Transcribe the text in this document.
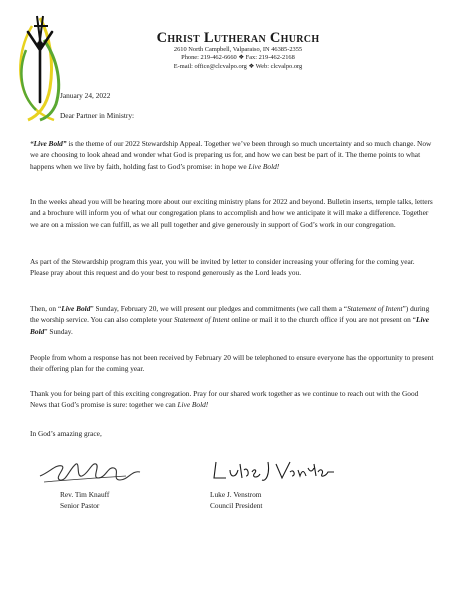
Christ Lutheran Church
2610 North Campbell, Valparaiso, IN 46385-2355
Phone: 219-462-6660 ❖ Fax: 219-462-2168
E-mail: office@clcvalpo.org ❖ Web: clcvalpo.org
January 24, 2022
Dear Partner in Ministry:

“Live Bold” is the theme of our 2022 Stewardship Appeal. Together we’ve been through so much uncertainty and so much change. Now we are choosing to look ahead and wonder what God is preparing us for, and how we can best be part of it. The theme points to what happens when we live by faith, holding fast to God’s promise: in hope we Live Bold!

In the weeks ahead you will be hearing more about our exciting ministry plans for 2022 and beyond. Bulletin inserts, temple talks, letters and a brochure will inform you of what our congregation plans to accomplish and how we anticipate it will make a difference. Together we are on a mission we can fulfill, as we all pull together and give generously in support of God’s work in our congregation.

As part of the Stewardship program this year, you will be invited by letter to consider increasing your offering for the coming year. Please pray about this request and do your best to respond generously as the Lord leads you.

Then, on “Live Bold” Sunday, February 20, we will present our pledges and commitments (we call them a “Statement of Intent”) during the worship service. You can also complete your Statement of Intent online or mail it to the church office if you are not present on “Live Bold” Sunday.

People from whom a response has not been received by February 20 will be telephoned to ensure everyone has the opportunity to present their offering plan for the coming year.

Thank you for being part of this exciting congregation. Pray for our shared work together as we continue to reach out with the Good News that God’s promise is sure: together we can Live Bold!

In God’s amazing grace,
Rev. Tim Knauff
Senior Pastor
Luke J. Venstrom
Council President
